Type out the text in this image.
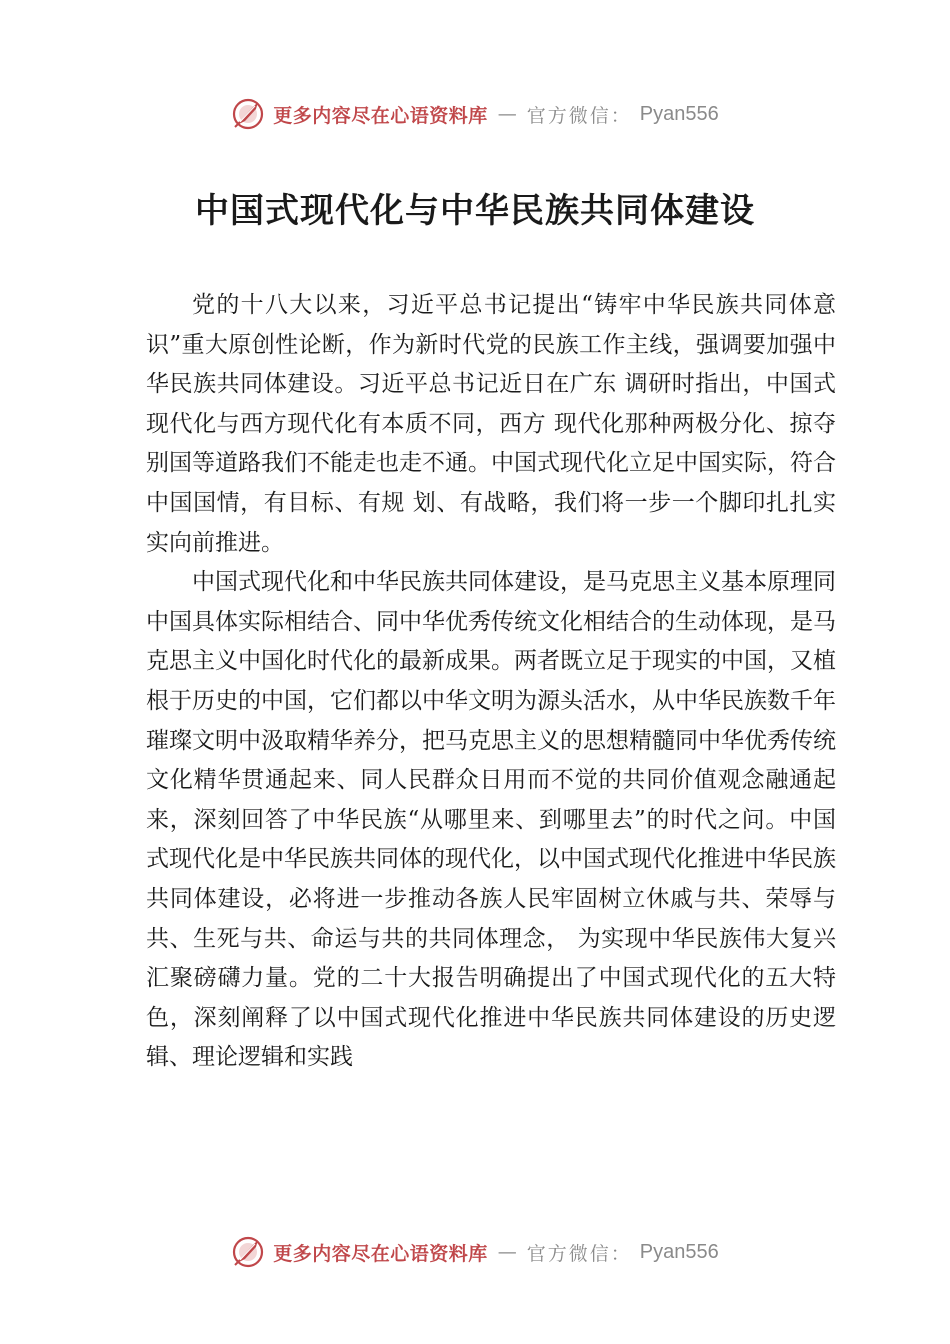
更多内容尽在心语资料库 — 官方微信： Pyan556
中国式现代化与中华民族共同体建设

党的十八大以来，习近平总书记提出“铸牢中华民族共同体意识”重大原创性论断，作为新时代党的民族工作主线，强调要加强中华民族共同体建设。习近平总书记近日在广东 调研时指出，中国式现代化与西方现代化有本质不同，西方 现代化那种两极分化、掠夺别国等道路我们不能走也走不通。中国式现代化立足中国实际，符合中国国情，有目标、有规 划、有战略，我们将一步一个脚印扎扎实实向前推进。

中国式现代化和中华民族共同体建设，是马克思主义基本原理同中国具体实际相结合、同中华优秀传统文化相结合的生动体现，是马克思主义中国化时代化的最新成果。两者既立足于现实的中国，又植根于历史的中国，它们都以中华文明为源头活水，从中华民族数千年璀璨文明中汲取精华养分，把马克思主义的思想精髓同中华优秀传统文化精华贯通起来、同人民群众日用而不觉的共同价值观念融通起来，深刻回答了中华民族“从哪里来、到哪里去”的时代之问。中国式现代化是中华民族共同体的现代化，以中国式现代化推进中华民族共同体建设，必将进一步推动各族人民牢固树立休戚与共、荣辱与共、生死与共、命运与共的共同体理念， 为实现中华民族伟大复兴汇聚磅礴力量。党的二十大报告明确提出了中国式现代化的五大特色，深刻阐释了以中国式现代化推进中华民族共同体建设的历史逻辑、理论逻辑和实践

更多内容尽在心语资料库 — 官方微信： Pyan556
